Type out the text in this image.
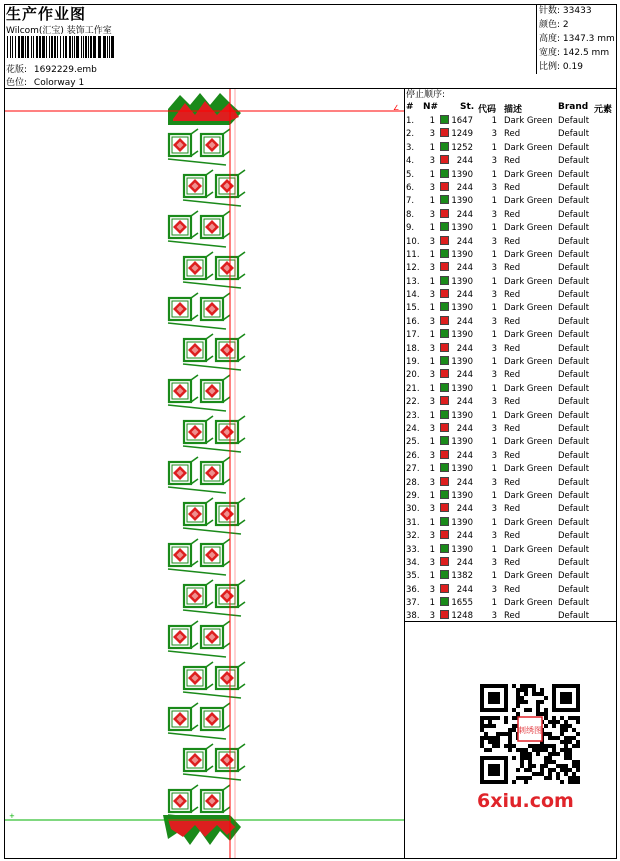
生产作业图
Wilcom(汇宝) 装饰工作室
花版: 1692229.emb
色位: Colorway 1
针数: 33433
颜色: 2
高度: 1347.3 mm
宽度: 142.5 mm
比例: 0.19
∠
+
停止顺序:
# N# St. 代码 描述	Brand 元素
1.	1 1647	1 Dark Green Default
2.	3 1249	3 Red	Default
3.	1 1252	1 Dark Green Default
4.	3	244	3 Red	Default
5.	1 1390	1 Dark Green Default
6.	3	244	3 Red	Default
7.	1 1390	1 Dark Green Default
8.	3	244	3 Red	Default
9.	1 1390	1 Dark Green Default
10.	3	244	3 Red	Default
11.	1 1390	1 Dark Green Default
12.	3	244	3 Red	Default
13.	1 1390	1 Dark Green Default
14.	3	244	3 Red	Default
15.	1 1390	1 Dark Green Default
16.	3	244	3 Red	Default
17.	1 1390	1 Dark Green Default
18.	3	244	3 Red	Default
19.	1 1390	1 Dark Green Default
20.	3	244	3 Red	Default
21.	1 1390	1 Dark Green Default
22.	3	244	3 Red	Default
23.	1 1390	1 Dark Green Default
24.	3	244	3 Red	Default
25.	1 1390	1 Dark Green Default
26.	3	244	3 Red	Default
27.	1 1390	1 Dark Green Default
28.	3	244	3 Red	Default
29.	1 1390	1 Dark Green Default
30.	3	244	3 Red	Default
31.	1 1390	1 Dark Green Default
32.	3	244	3 Red	Default
33.	1 1390	1 Dark Green Default
34.	3	244	3 Red	Default
35.	1 1382	1 Dark Green Default
36.	3	244	3 Red	Default
37.	1 1655	1 Dark Green Default
38.	3 1248	3 Red	Default
刺绣图
6xiu.com
